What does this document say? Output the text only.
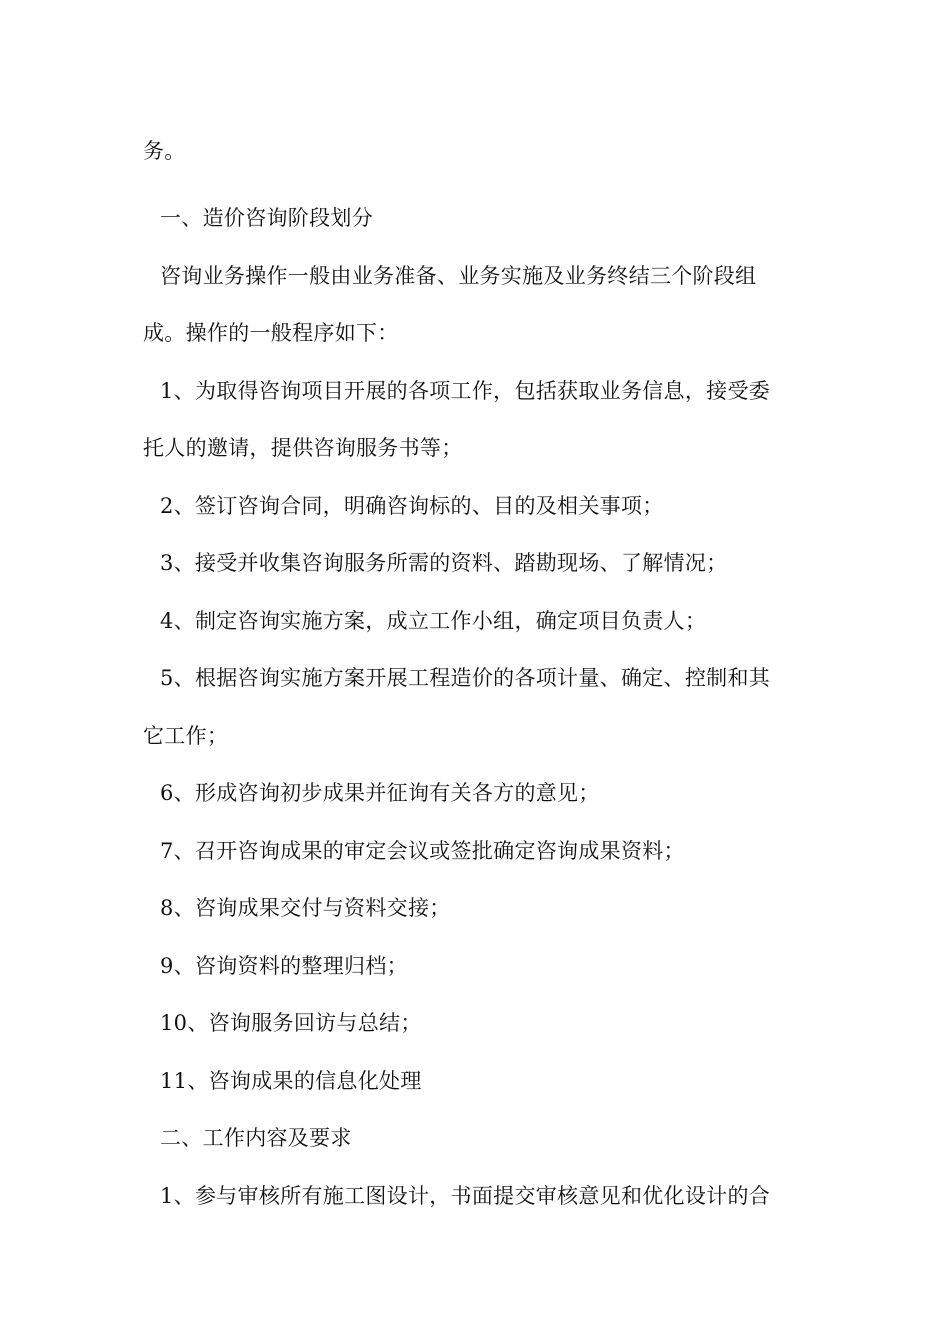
务。
一、造价咨询阶段划分
咨询业务操作一般由业务准备、业务实施及业务终结三个阶段组
成。操作的一般程序如下：
1、为取得咨询项目开展的各项工作，包括获取业务信息，接受委
托人的邀请，提供咨询服务书等；
2、签订咨询合同，明确咨询标的、目的及相关事项；
3、接受并收集咨询服务所需的资料、踏勘现场、了解情况；
4、制定咨询实施方案，成立工作小组，确定项目负责人；
5、根据咨询实施方案开展工程造价的各项计量、确定、控制和其
它工作；
6、形成咨询初步成果并征询有关各方的意见；
7、召开咨询成果的审定会议或签批确定咨询成果资料；
8、咨询成果交付与资料交接；
9、咨询资料的整理归档；
10、咨询服务回访与总结；
11、咨询成果的信息化处理
二、工作内容及要求
1、参与审核所有施工图设计，书面提交审核意见和优化设计的合
